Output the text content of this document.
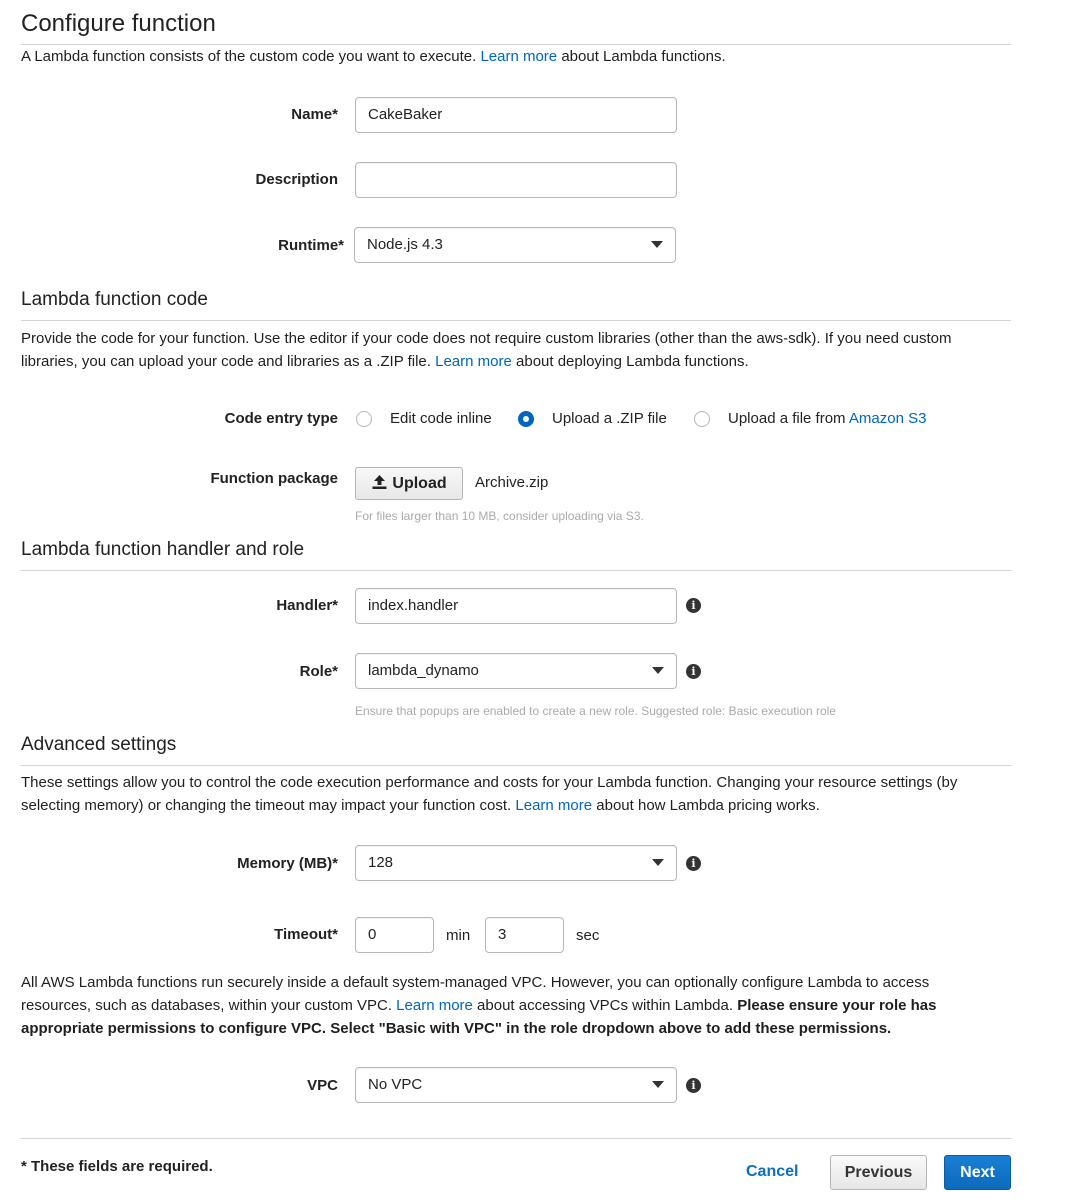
Configure function
A Lambda function consists of the custom code you want to execute. Learn more about Lambda functions.
Name*	CakeBaker
Description
Runtime*	Node.js 4.3
Lambda function code
Provide the code for your function. Use the editor if your code does not require custom libraries (other than the aws-sdk). If you need custom
libraries, you can upload your code and libraries as a .ZIP file. Learn more about deploying Lambda functions.
Code entry type	Edit code inline	Upload a .ZIP file	Upload a file from Amazon S3
Function package	Upload	Archive.zip
For files larger than 10 MB, consider uploading via S3.
Lambda function handler and role
Handler*	index.handler	i
Role*	lambda_dynamo	i
Ensure that popups are enabled to create a new role. Suggested role: Basic execution role
Advanced settings
These settings allow you to control the code execution performance and costs for your Lambda function. Changing your resource settings (by
selecting memory) or changing the timeout may impact your function cost. Learn more about how Lambda pricing works.
Memory (MB)*	128	i
Timeout*	0	min	3	sec
All AWS Lambda functions run securely inside a default system-managed VPC. However, you can optionally configure Lambda to access
resources, such as databases, within your custom VPC. Learn more about accessing VPCs within Lambda. Please ensure your role has
appropriate permissions to configure VPC. Select "Basic with VPC" in the role dropdown above to add these permissions.
VPC	No VPC	i
* These fields are required.	Cancel	Previous	Next
